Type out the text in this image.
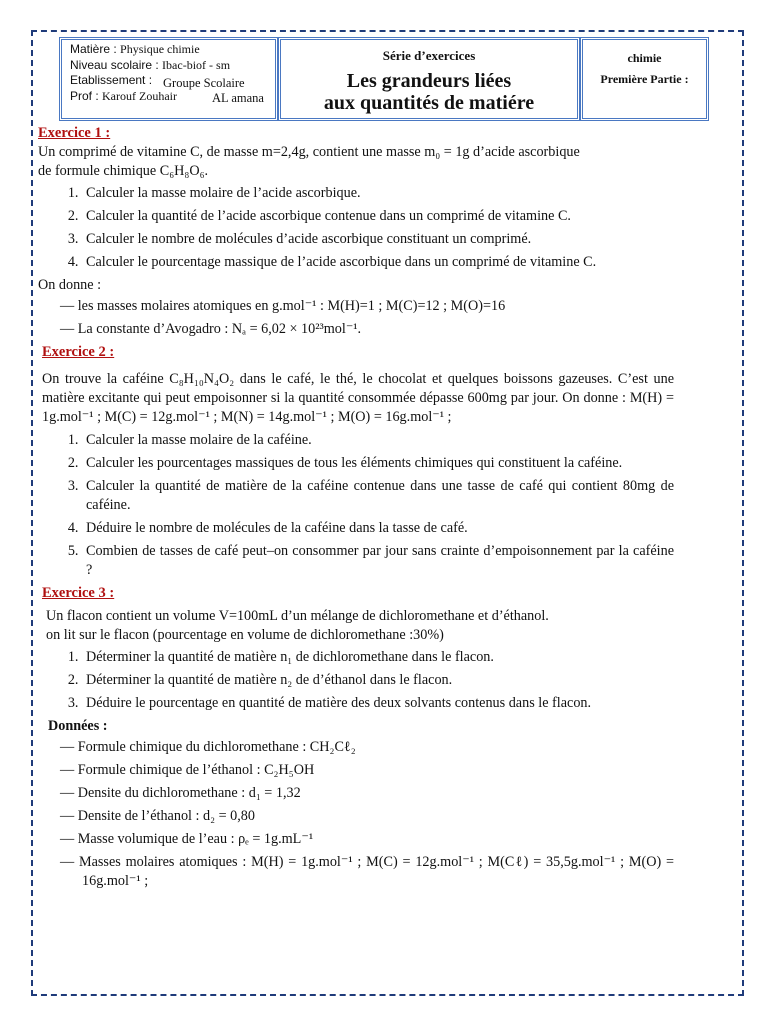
Matière : Physique chimie
Niveau scolaire : Ibac-biof - sm
Etablissement :
Prof : Karouf Zouhair
Groupe Scolaire
AL amana
Série d’exercices
Les grandeurs liées
aux quantités de matiére
chimie
Première Partie :
Exercice 1 :

Un comprimé de vitamine C, de masse m=2,4g, contient une masse m₀ = 1g d’acide ascorbique

de formule chimique C₆H₈O₆.

1. Calculer la masse molaire de l’acide ascorbique.
2. Calculer la quantité de l’acide ascorbique contenue dans un comprimé de vitamine C.
3. Calculer le nombre de molécules d’acide ascorbique constituant un comprimé.
4. Calculer le pourcentage massique de l’acide ascorbique dans un comprimé de vitamine C.

On donne :

— les masses molaires atomiques en g.mol⁻¹ : M(H)=1 ; M(C)=12 ; M(O)=16
— La constante d’Avogadro : Nₐ = 6,02 × 10²³mol⁻¹.
Exercice 2 :

On trouve la caféine C₈H₁₀N₄O₂ dans le café, le thé, le chocolat et quelques boissons gazeuses. C’est une matière excitante qui peut empoisonner si la quantité consommée dépasse 600mg par jour. On donne : M(H) = 1g.mol⁻¹ ; M(C) = 12g.mol⁻¹ ; M(N) = 14g.mol⁻¹ ; M(O) = 16g.mol⁻¹ ;

1. Calculer la masse molaire de la caféine.
2. Calculer les pourcentages massiques de tous les éléments chimiques qui constituent la caféine.
3. Calculer la quantité de matière de la caféine contenue dans une tasse de café qui contient 80mg de caféine.
4. Déduire le nombre de molécules de la caféine dans la tasse de café.
5. Combien de tasses de café peut–on consommer par jour sans crainte d’empoisonnement par la caféine ?
Exercice 3 :

Un flacon contient un volume V=100mL d’un mélange de dichloromethane et d’éthanol.

on lit sur le flacon (pourcentage en volume de dichloromethane :30%)

1. Déterminer la quantité de matière n₁ de dichloromethane dans le flacon.
2. Déterminer la quantité de matière n₂ de d’éthanol dans le flacon.
3. Déduire le pourcentage en quantité de matière des deux solvants contenus dans le flacon.

Données :

— Formule chimique du dichloromethane : CH₂Cℓ₂
— Formule chimique de l’éthanol : C₂H₅OH
— Densite du dichloromethane : d₁ = 1,32
— Densite de l’éthanol : d₂ = 0,80
— Masse volumique de l’eau : ρₑ = 1g.mL⁻¹
— Masses molaires atomiques : M(H) = 1g.mol⁻¹ ; M(C) = 12g.mol⁻¹ ; M(Cℓ) = 35,5g.mol⁻¹ ; M(O) = 16g.mol⁻¹ ;
